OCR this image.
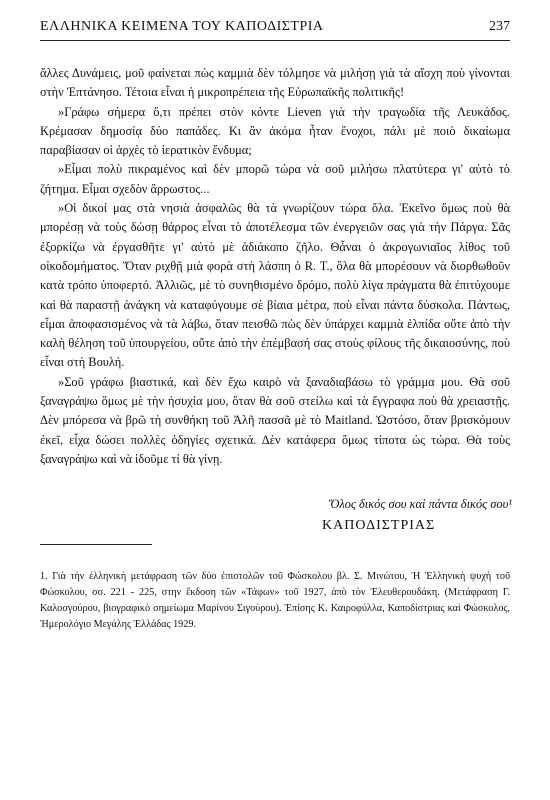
ΕΛΛΗΝΙΚΑ ΚΕΙΜΕΝΑ ΤΟΥ ΚΑΠΟΔΙΣΤΡΙΑ	237

ἄλλες Δυνάμεις, μοῦ φαίνεται πὼς καμμιὰ δὲν τόλμησε νὰ μιλήσῃ γιὰ τὰ αἴσχη ποὺ γίνονται στὴν Ἑπτάνησο. Τέτοια εἶναι ἡ μικροπρέπεια τῆς Εὐρωπαϊκῆς πολιτικῆς!

»Γράφω σήμερα ὅ,τι πρέπει στὸν κόντε Lieven γιὰ τὴν τραγωδία τῆς Λευκάδος. Κρέμασαν δημοσίᾳ δύο παπάδες. Κι ἂν ἀκόμα ἦταν ἔνοχοι, πάλι μὲ ποιὸ δικαίωμα παραβίασαν οἱ ἀρχὲς τὸ ἱερατικὸν ἔνδυμα;

»Εἶμαι πολὺ πικραμένος καὶ δὲν μπορῶ τώρα νὰ σοῦ μιλήσω πλατύτερα γι' αὐτὸ τὸ ζήτημα. Εἶμαι σχεδὸν ἄρρωστος...

»Οἱ δικοί μας στὰ νησιὰ ἀσφαλῶς θὰ τὰ γνωρίζουν τώρα ὅλα. Ἐκεῖνο ὅμως ποὺ θὰ μπορέσῃ νὰ τοὺς δώσῃ θάρρος εἶναι τὸ ἀποτέλεσμα τῶν ἐνεργειῶν σας γιὰ τὴν Πάργα. Σᾶς ἐξορκίζω νὰ ἐργασθῆτε γι' αὐτὸ μὲ ἀδιάκοπο ζῆλο. Θἆναι ὁ ἀκρογωνιαῖος λίθος τοῦ οἰκοδομήματος. Ὅταν ριχθῇ μιὰ φορὰ στὴ λάσπη ὁ R. T., ὅλα θὰ μπορέσουν νὰ διορθωθοῦν κατὰ τρόπο ὑποφερτό. Ἀλλιῶς, μὲ τὸ συνηθισμένο δρόμο, πολὺ λίγα πράγματα θὰ ἐπιτύχουμε καὶ θὰ παραστῇ ἀνάγκη νὰ καταφύγουμε σὲ βίαια μέτρα, ποὺ εἶναι πάντα δύσκολα. Πάντως, εἶμαι ἀποφασισμένος νὰ τὰ λάβω, ὅταν πεισθῶ πὼς δὲν ὑπάρχει καμμιὰ ἐλπίδα οὔτε ἀπὸ τὴν καλὴ θέληση τοῦ ὑπουργείου, οὔτε ἀπὸ τὴν ἐπέμβασή σας στοὺς φίλους τῆς δικαιοσύνης, ποὺ εἶναι στὴ Βουλή.

»Σοῦ γράφω βιαστικά, καὶ δὲν ἔχω καιρὸ νὰ ξαναδιαβάσω τὸ γράμμα μου. Θὰ σοῦ ξαναγράψω ὅμως μὲ τὴν ἡσυχία μου, ὅταν θὰ σοῦ στείλω καὶ τὰ ἔγγραφα ποὺ θὰ χρειαστῇς. Δὲν μπόρεσα νὰ βρῶ τὴ συνθήκη τοῦ Ἀλῆ πασσᾶ μὲ τὸ Maitland. Ὡστόσο, ὅταν βρισκόμουν ἐκεῖ, εἶχα δώσει πολλὲς ὁδηγίες σχετικά. Δὲν κατάφερα ὅμως τίποτα ὡς τώρα. Θὰ τοὺς ξαναγράψω καὶ νὰ ἰδοῦμε τί θὰ γίνῃ.

Ὅλος δικός σου καὶ πάντα δικός σου¹
ΚΑΠΟΔΙΣΤΡΙΑΣ
1. Γιὰ τὴν ἑλληνικὴ μετάφραση τῶν δύο ἐπιστολῶν τοῦ Φώσκολου βλ. Σ. Μινώτου, Ἡ Ἑλληνικὴ ψυχὴ τοῦ Φώσκολου, σσ. 221 - 225, στην ἔκδοση τῶν «Τάφων» τοῦ 1927, ἀπὸ τὸν Ἐλευθερουδάκη. (Μετάφραση Γ. Καλοσγούρου, βιογραφικὸ σημείωμα Μαρίνου Σιγούρου). Ἐπίσης Κ. Καιροφύλλα, Καποδίστριας καὶ Φώσκολος, Ἡμερολόγιο Μεγάλης Ἑλλάδας 1929.
